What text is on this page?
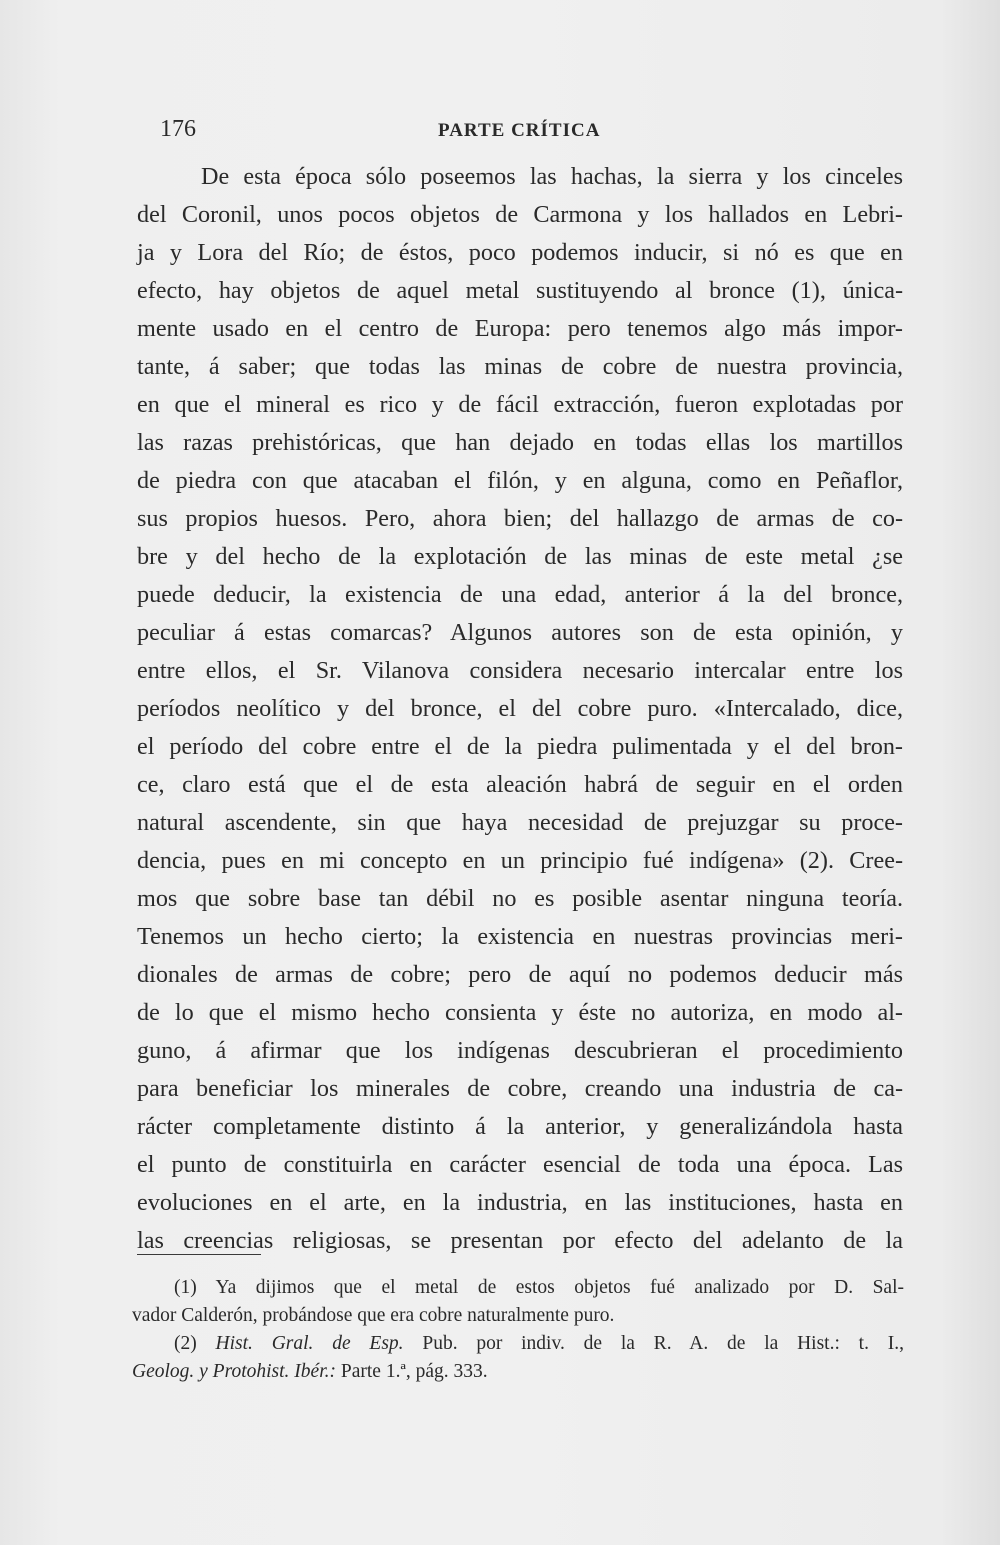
176	PARTE CRÍTICA
De esta época sólo poseemos las hachas, la sierra y los cinceles
del Coronil, unos pocos objetos de Carmona y los hallados en Lebri-
ja y Lora del Río; de éstos, poco podemos inducir, si nó es que en
efecto, hay objetos de aquel metal sustituyendo al bronce (1), única-
mente usado en el centro de Europa: pero tenemos algo más impor-
tante, á saber; que todas las minas de cobre de nuestra provincia,
en que el mineral es rico y de fácil extracción, fueron explotadas por
las razas prehistóricas, que han dejado en todas ellas los martillos
de piedra con que atacaban el filón, y en alguna, como en Peñaflor,
sus propios huesos. Pero, ahora bien; del hallazgo de armas de co-
bre y del hecho de la explotación de las minas de este metal ¿se
puede deducir, la existencia de una edad, anterior á la del bronce,
peculiar á estas comarcas? Algunos autores son de esta opinión, y
entre ellos, el Sr. Vilanova considera necesario intercalar entre los
períodos neolítico y del bronce, el del cobre puro. «Intercalado, dice,
el período del cobre entre el de la piedra pulimentada y el del bron-
ce, claro está que el de esta aleación habrá de seguir en el orden
natural ascendente, sin que haya necesidad de prejuzgar su proce-
dencia, pues en mi concepto en un principio fué indígena» (2). Cree-
mos que sobre base tan débil no es posible asentar ninguna teoría.
Tenemos un hecho cierto; la existencia en nuestras provincias meri-
dionales de armas de cobre; pero de aquí no podemos deducir más
de lo que el mismo hecho consienta y éste no autoriza, en modo al-
guno, á afirmar que los indígenas descubrieran el procedimiento
para beneficiar los minerales de cobre, creando una industria de ca-
rácter completamente distinto á la anterior, y generalizándola hasta
el punto de constituirla en carácter esencial de toda una época. Las
evoluciones en el arte, en la industria, en las instituciones, hasta en
las creencias religiosas, se presentan por efecto del adelanto de la
(1) Ya dijimos que el metal de estos objetos fué analizado por D. Sal-
vador Calderón, probándose que era cobre naturalmente puro.
(2) Hist. Gral. de Esp. Pub. por indiv. de la R. A. de la Hist.: t. I.,
Geolog. y Protohist. Ibér.: Parte 1.ª, pág. 333.
